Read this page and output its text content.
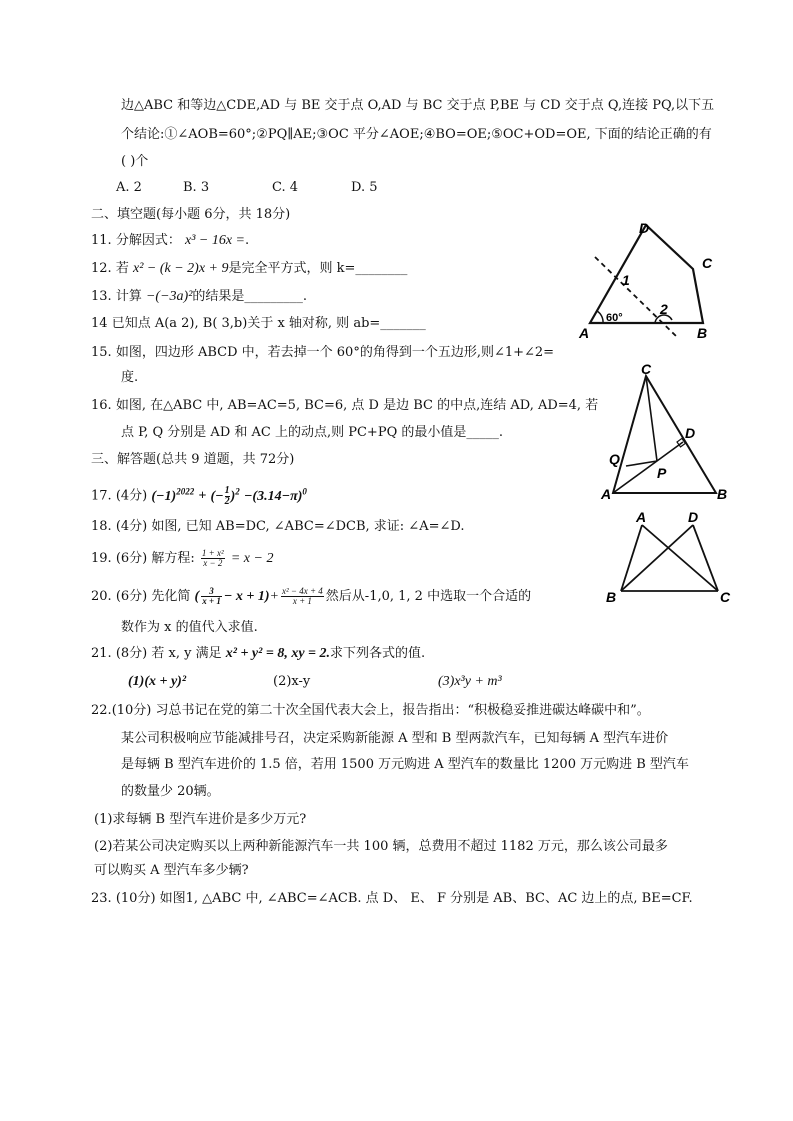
边△ABC 和等边△CDE,AD 与 BE 交于点 O,AD 与 BC 交于点 P,BE 与 CD 交于点 Q,连接 PQ,以下五
个结论:①∠AOB=60°;②PQ∥AE;③OC 平分∠AOE;④BO=OE;⑤OC+OD=OE, 下面的结论正确的有
( )个
A. 2	B. 3	C. 4	D. 5
二、填空题(每小题 6分，共 18分)
11. 分解因式： x³ − 16x =.
12. 若 x² − (k − 2)x + 9是完全平方式，则 k=________
13. 计算 −(−3a)²的结果是_________.
14 已知点 A(a 2), B( 3,b)关于 x 轴对称, 则 ab=_______
15. 如图，四边形 ABCD 中，若去掉一个 60°的角得到一个五边形,则∠1+∠2=
度.
16. 如图, 在△ABC 中, AB=AC=5, BC=6, 点 D 是边 BC 的中点,连结 AD, AD=4, 若
点 P, Q 分别是 AD 和 AC 上的动点,则 PC+PQ 的最小值是_____.
三、解答题(总共 9 道题，共 72分)
17. (4分) $(-1)^{2022}$ + (− $\frac{1}{2})^2 -(3.14-\pi)^0$
18. (4分) 如图, 已知 AB=DC, ∠ABC=∠DCB, 求证: ∠A=∠D.
19. (6分) 解方程: $\frac{\text{1 + x²}}{x - 2} = x - 2$
20. (6分) 先化简 ( $\frac{3}{x + 1} - x + 1)+ \frac{\text{x² − 4x + 4}}{x + 1}$ 然后从-1,0, 1, 2 中选取一个合适的
数作为 x 的值代入求值.
21. (8分) 若 x, y 满足 x² + y² = 8, xy = 2.求下列各式的值.
(1)(x + y)²	(2)x-y	(3)x³y + m³
22.(10分) 习总书记在党的第二十次全国代表大会上，报告指出：“积极稳妥推进碳达峰碳中和”。
某公司积极响应节能减排号召，决定采购新能源 A 型和 B 型两款汽车，已知每辆 A 型汽车进价
是每辆 B 型汽车进价的 1.5 倍，若用 1500 万元购进 A 型汽车的数量比 1200 万元购进 B 型汽车
的数量少 20辆。
(1)求每辆 B 型汽车进价是多少万元?
(2)若某公司决定购买以上两种新能源汽车一共 100 辆，总费用不超过 1182 万元，那么该公司最多
可以购买 A 型汽车多少辆?
23. (10分) 如图1, △ABC 中, ∠ABC=∠ACB. 点 D、 E、 F 分别是 AB、BC、AC 边上的点, BE=CF.
A	B
C
D
1
2
60°
C
A	B
D
P
Q
A	D
B	C
